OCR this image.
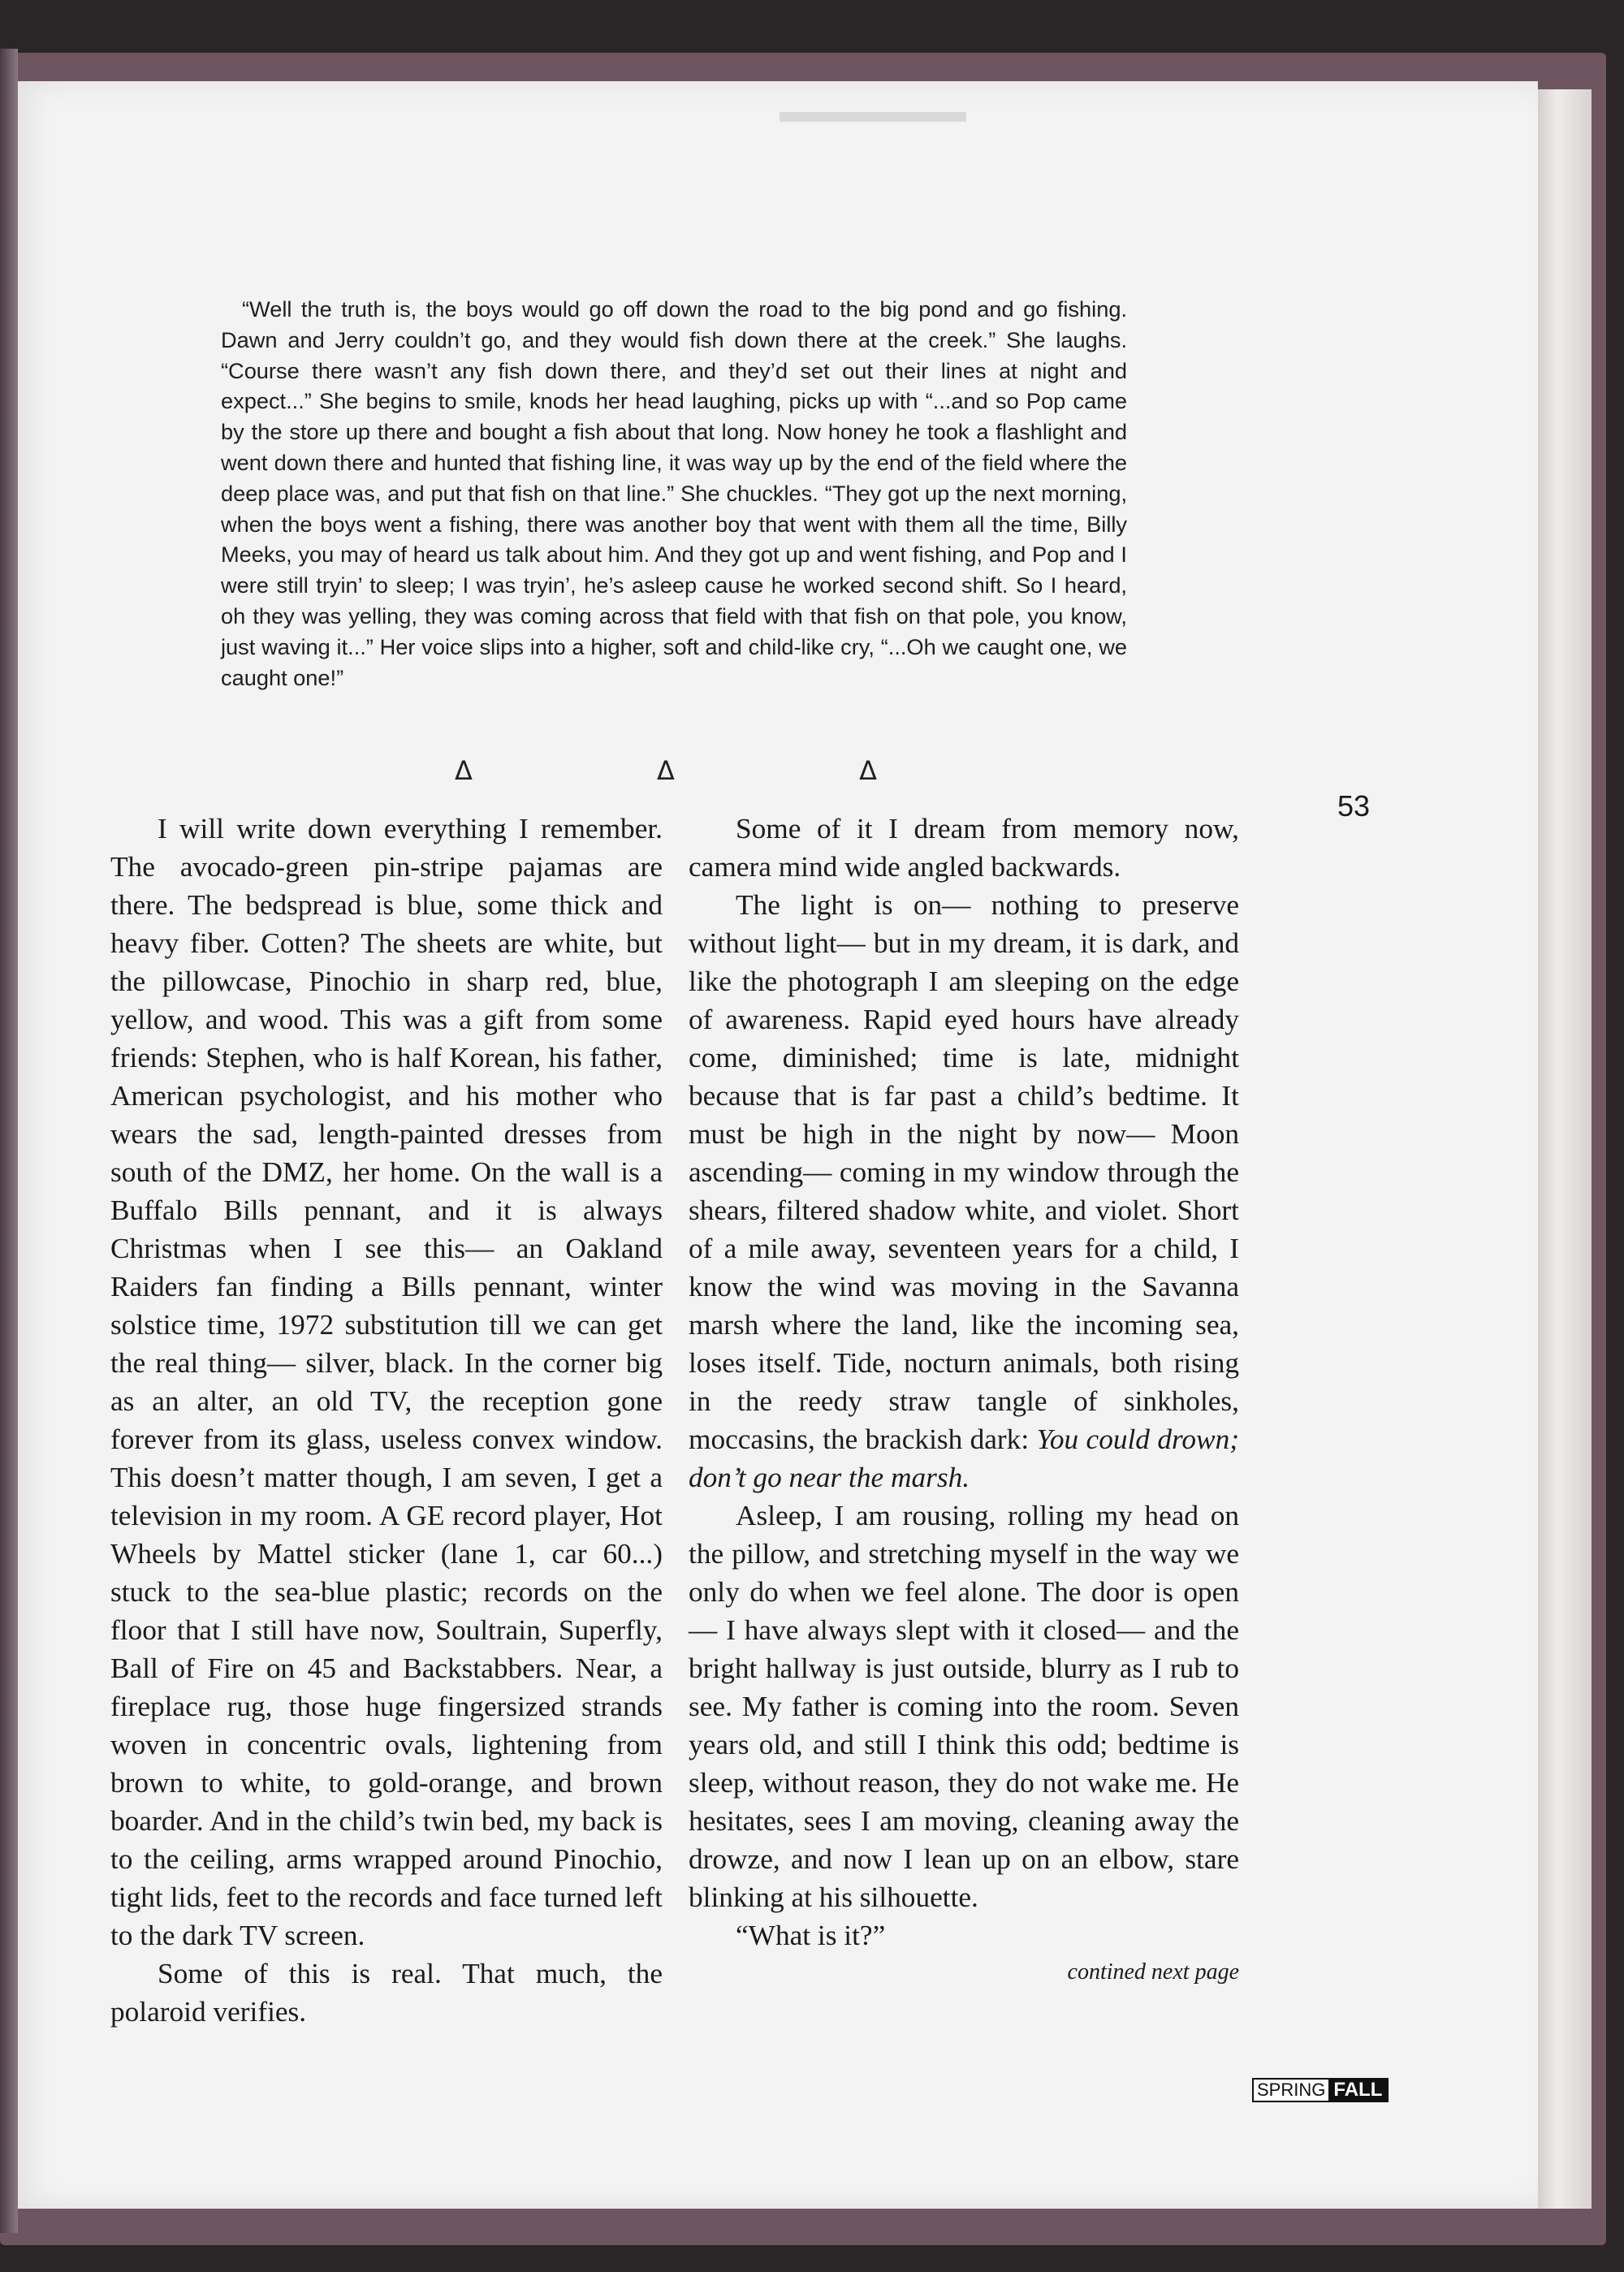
“Well the truth is, the boys would go off down the road to the big pond and go fishing. Dawn and Jerry couldn’t go, and they would fish down there at the creek.” She laughs. “Course there wasn’t any fish down there, and they’d set out their lines at night and expect...” She begins to smile, knods her head laughing, picks up with “...and so Pop came by the store up there and bought a fish about that long. Now honey he took a flashlight and went down there and hunted that fishing line, it was way up by the end of the field where the deep place was, and put that fish on that line.” She chuckles. “They got up the next morning, when the boys went a fishing, there was another boy that went with them all the time, Billy Meeks, you may of heard us talk about him. And they got up and went fishing, and Pop and I were still tryin’ to sleep; I was tryin’, he’s asleep cause he worked second shift. So I heard, oh they was yelling, they was coming across that field with that fish on that pole, you know, just waving it...” Her voice slips into a higher, soft and child-like cry, “...Oh we caught one, we caught one!”

Δ	Δ	Δ

I will write down everything I remember. The avocado-green pin-stripe pajamas are there. The bedspread is blue, some thick and heavy fiber. Cotten? The sheets are white, but the pillowcase, Pinochio in sharp red, blue, yellow, and wood. This was a gift from some friends: Stephen, who is half Korean, his father, American psychologist, and his mother who wears the sad, length-painted dresses from south of the DMZ, her home. On the wall is a Buffalo Bills pennant, and it is always Christmas when I see this— an Oakland Raiders fan finding a Bills pennant, winter solstice time, 1972 substitution till we can get the real thing— silver, black. In the corner big as an alter, an old TV, the reception gone forever from its glass, useless convex window. This doesn’t matter though, I am seven, I get a television in my room. A GE record player, Hot Wheels by Mattel sticker (lane 1, car 60...) stuck to the sea-blue plastic; records on the floor that I still have now, Soultrain, Superfly, Ball of Fire on 45 and Backstabbers. Near, a fireplace rug, those huge fingersized strands woven in concentric ovals, lightening from brown to white, to gold-orange, and brown boarder. And in the child’s twin bed, my back is to the ceiling, arms wrapped around Pinochio, tight lids, feet to the records and face turned left to the dark TV screen.

Some of this is real. That much, the polaroid verifies.

Some of it I dream from memory now, camera mind wide angled backwards.

The light is on— nothing to preserve without light— but in my dream, it is dark, and like the photograph I am sleeping on the edge of awareness. Rapid eyed hours have already come, diminished; time is late, midnight because that is far past a child’s bedtime. It must be high in the night by now— Moon ascending— coming in my window through the shears, filtered shadow white, and violet. Short of a mile away, seventeen years for a child, I know the wind was moving in the Savanna marsh where the land, like the incoming sea, loses itself. Tide, nocturn animals, both rising in the reedy straw tangle of sinkholes, moccasins, the brackish dark: You could drown; don’t go near the marsh.

Asleep, I am rousing, rolling my head on the pillow, and stretching myself in the way we only do when we feel alone. The door is open— I have always slept with it closed— and the bright hallway is just outside, blurry as I rub to see. My father is coming into the room. Seven years old, and still I think this odd; bedtime is sleep, without reason, they do not wake me. He hesitates, sees I am moving, cleaning away the drowze, and now I lean up on an elbow, stare blinking at his silhouette.

“What is it?”

contined next page
53
SPRING FALL
